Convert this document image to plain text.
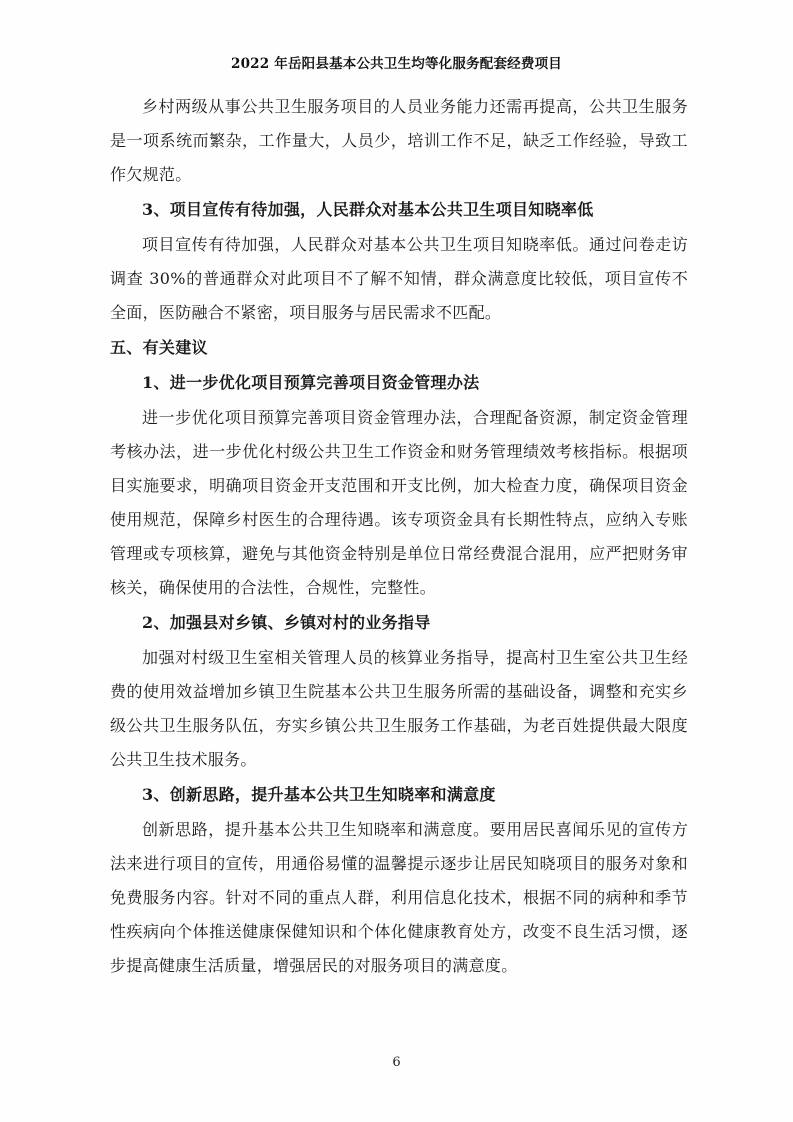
2022 年岳阳县基本公共卫生均等化服务配套经费项目

乡村两级从事公共卫生服务项目的人员业务能力还需再提高，公共卫生服务是一项系统而繁杂，工作量大，人员少，培训工作不足，缺乏工作经验，导致工作欠规范。

3、项目宣传有待加强，人民群众对基本公共卫生项目知晓率低

项目宣传有待加强，人民群众对基本公共卫生项目知晓率低。通过问卷走访调查 30%的普通群众对此项目不了解不知情，群众满意度比较低，项目宣传不全面，医防融合不紧密，项目服务与居民需求不匹配。

五、有关建议

1、进一步优化项目预算完善项目资金管理办法

进一步优化项目预算完善项目资金管理办法，合理配备资源，制定资金管理考核办法，进一步优化村级公共卫生工作资金和财务管理绩效考核指标。根据项目实施要求，明确项目资金开支范围和开支比例，加大检查力度，确保项目资金使用规范，保障乡村医生的合理待遇。该专项资金具有长期性特点，应纳入专账管理或专项核算，避免与其他资金特别是单位日常经费混合混用，应严把财务审核关，确保使用的合法性，合规性，完整性。

2、加强县对乡镇、乡镇对村的业务指导

加强对村级卫生室相关管理人员的核算业务指导，提高村卫生室公共卫生经费的使用效益增加乡镇卫生院基本公共卫生服务所需的基础设备，调整和充实乡级公共卫生服务队伍，夯实乡镇公共卫生服务工作基础，为老百姓提供最大限度公共卫生技术服务。

3、创新思路，提升基本公共卫生知晓率和满意度

创新思路，提升基本公共卫生知晓率和满意度。要用居民喜闻乐见的宣传方法来进行项目的宣传，用通俗易懂的温馨提示逐步让居民知晓项目的服务对象和免费服务内容。针对不同的重点人群，利用信息化技术，根据不同的病种和季节性疾病向个体推送健康保健知识和个体化健康教育处方，改变不良生活习惯，逐步提高健康生活质量，增强居民的对服务项目的满意度。

6
